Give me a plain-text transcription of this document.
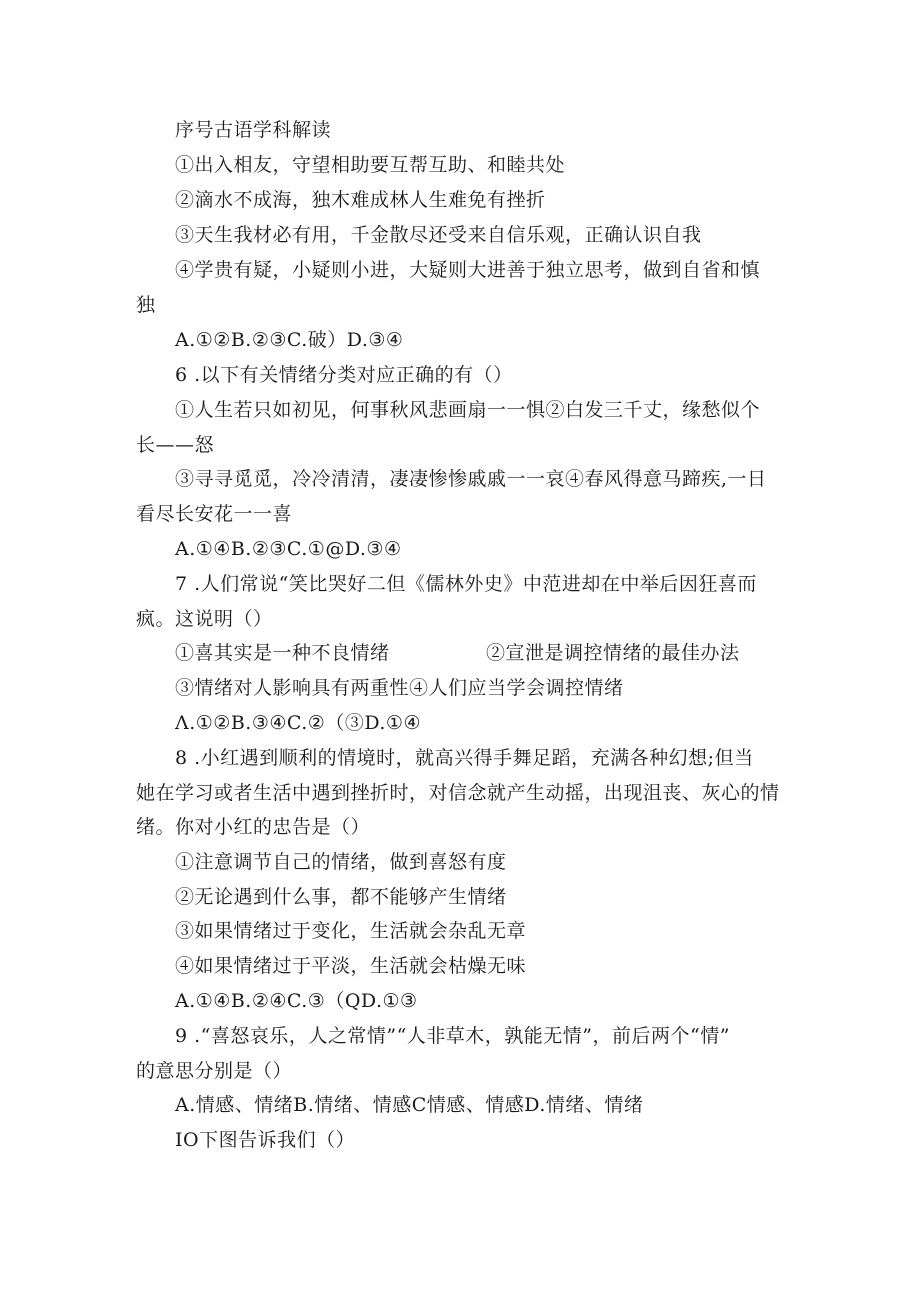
序号古语学科解读
①出入相友，守望相助要互帮互助、和睦共处
②滴水不成海，独木难成林人生难免有挫折
③天生我材必有用，千金散尽还受来自信乐观，正确认识自我
④学贵有疑，小疑则小进，大疑则大进善于独立思考，做到自省和慎
独
A.①②B.②③C.破）D.③④
6 .以下有关情绪分类对应正确的有（）
①人生若只如初见，何事秋风悲画扇一一惧②白发三千丈，缘愁似个
长——怒
③寻寻觅觅，冷冷清清，凄凄惨惨戚戚一一哀④春风得意马蹄疾,一日
看尽长安花一一喜
A.①④B.②③C.①@D.③④
7 .人们常说“笑比哭好二但《儒林外史》中范进却在中举后因狂喜而
疯。这说明（）
①喜其实是一种不良情绪	②宣泄是调控情绪的最佳办法
③情绪对人影响具有两重性④人们应当学会调控情绪
Λ.①②B.③④C.②（③D.①④
8 .小红遇到顺利的情境时，就高兴得手舞足蹈，充满各种幻想;但当
她在学习或者生活中遇到挫折时，对信念就产生动摇，出现沮丧、灰心的情
绪。你对小红的忠告是（）
①注意调节自己的情绪，做到喜怒有度
②无论遇到什么事，都不能够产生情绪
③如果情绪过于变化，生活就会杂乱无章
④如果情绪过于平淡，生活就会枯燥无味
A.①④B.②④C.③（QD.①③
9 .“喜怒哀乐，人之常情”“人非草木，孰能无情”，前后两个“情”
的意思分别是（）
A.情感、情绪B.情绪、情感C情感、情感D.情绪、情绪
IO下图告诉我们（）
